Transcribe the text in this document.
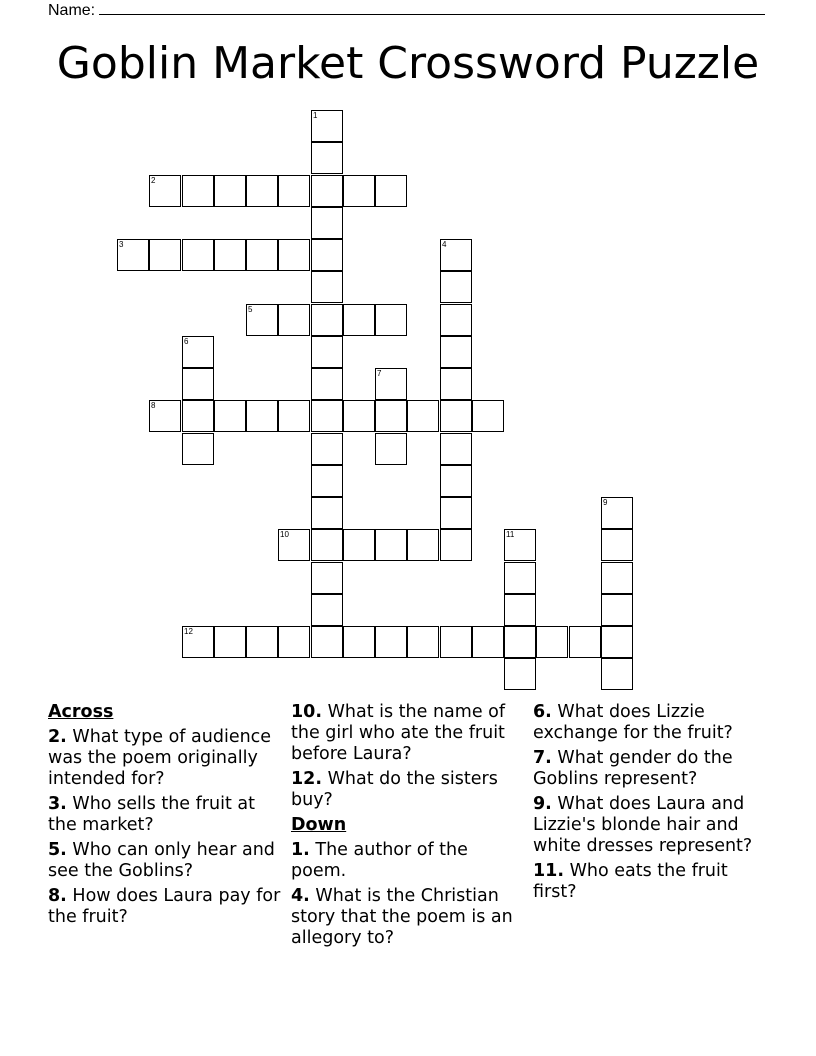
Name:
Goblin Market Crossword Puzzle
1
2
3	4
5
6
7
8
9
10	11
12
Across
2. What type of audience was the poem originally intended for?
3. Who sells the fruit at the market?
5. Who can only hear and see the Goblins?
8. How does Laura pay for the fruit?
10. What is the name of the girl who ate the fruit before Laura?
12. What do the sisters buy?
Down
1. The author of the poem.
4. What is the Christian story that the poem is an allegory to?
6. What does Lizzie exchange for the fruit?
7. What gender do the Goblins represent?
9. What does Laura and Lizzie's blonde hair and white dresses represent?
11. Who eats the fruit first?
